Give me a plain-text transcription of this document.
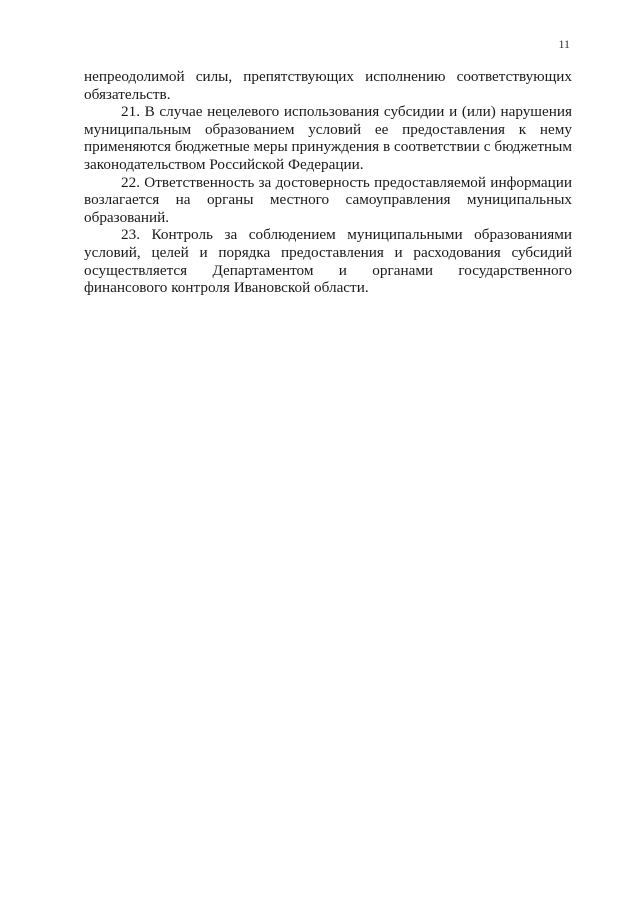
11

непреодолимой силы, препятствующих исполнению соответствующих обязательств.

21. В случае нецелевого использования субсидии и (или) нарушения муниципальным образованием условий ее предоставления к нему применяются бюджетные меры принуждения в соответствии с бюджетным законодательством Российской Федерации.

22. Ответственность за достоверность предоставляемой информации возлагается на органы местного самоуправления муниципальных образований.

23. Контроль за соблюдением муниципальными образованиями условий, целей и порядка предоставления и расходования субсидий осуществляется Департаментом и органами государственного финансового контроля Ивановской области.
